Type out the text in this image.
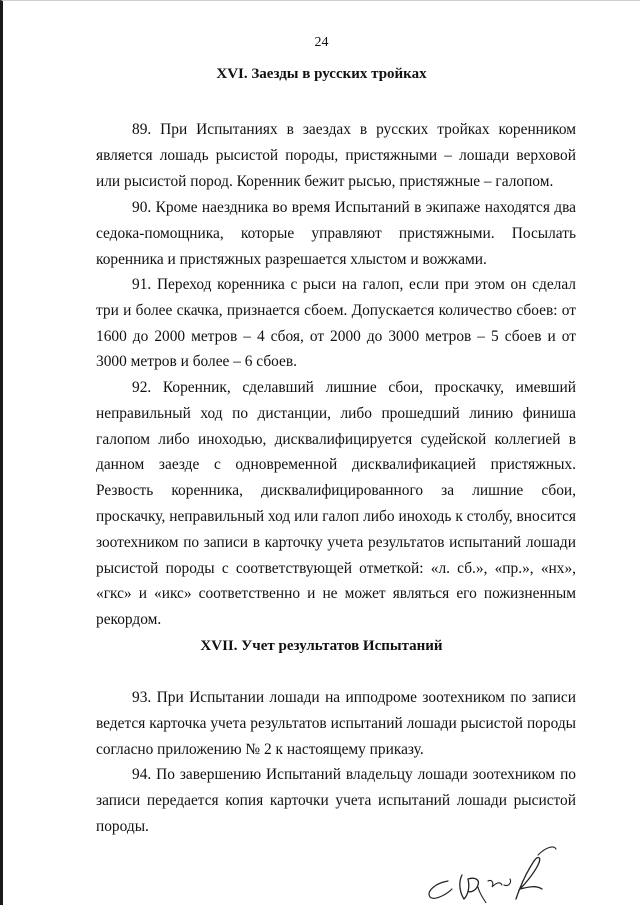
24
XVI. Заезды в русских тройках

89. При Испытаниях в заездах в русских тройках коренником является лошадь рысистой породы, пристяжными – лошади верховой или рысистой пород. Коренник бежит рысью, пристяжные – галопом.

90. Кроме наездника во время Испытаний в экипаже находятся два седока-помощника, которые управляют пристяжными. Посылать коренника и пристяжных разрешается хлыстом и вожжами.

91. Переход коренника с рыси на галоп, если при этом он сделал три и более скачка, признается сбоем. Допускается количество сбоев: от 1600 до 2000 метров – 4 сбоя, от 2000 до 3000 метров – 5 сбоев и от 3000 метров и более – 6 сбоев.

92. Коренник, сделавший лишние сбои, проскачку, имевший неправильный ход по дистанции, либо прошедший линию финиша галопом либо иноходью, дисквалифицируется судейской коллегией в данном заезде с одновременной дисквалификацией пристяжных. Резвость коренника, дисквалифицированного за лишние сбои, проскачку, неправильный ход или галоп либо иноходь к столбу, вносится зоотехником по записи в карточку учета результатов испытаний лошади рысистой породы с соответствующей отметкой: «л. сб.», «пр.», «нх», «гкс» и «икс» соответственно и не может являться его пожизненным рекордом.

XVII. Учет результатов Испытаний

93. При Испытании лошади на ипподроме зоотехником по записи ведется карточка учета результатов испытаний лошади рысистой породы согласно приложению № 2 к настоящему приказу.

94. По завершению Испытаний владельцу лошади зоотехником по записи передается копия карточки учета испытаний лошади рысистой породы.
